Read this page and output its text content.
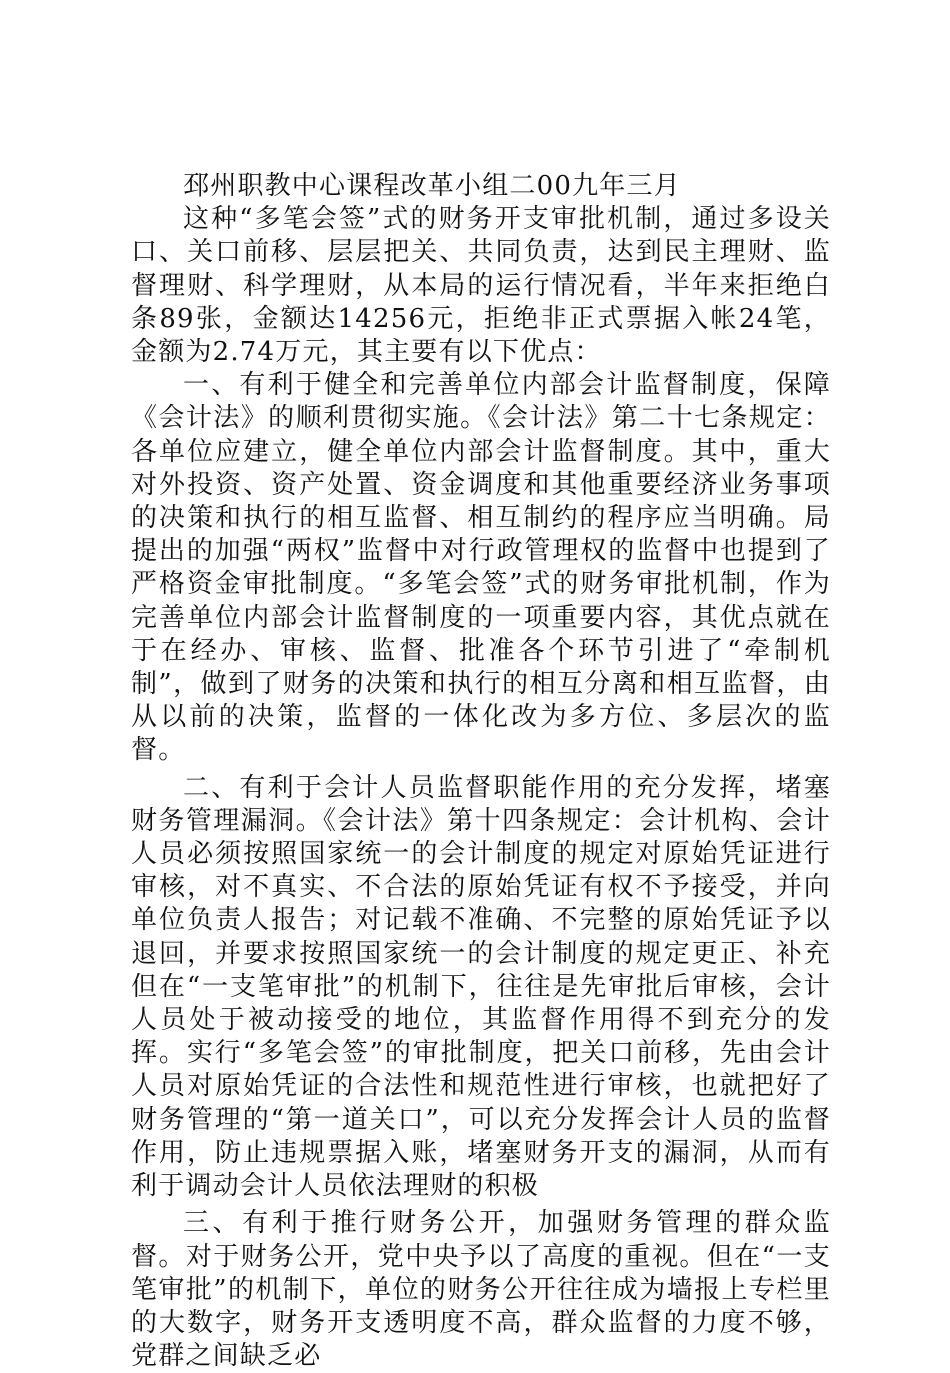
邳州职教中心课程改革小组二00九年三月

这种“多笔会签”式的财务开支审批机制，通过多设关口、关口前移、层层把关、共同负责，达到民主理财、监督理财、科学理财，从本局的运行情况看，半年来拒绝白条89张，金额达14256元，拒绝非正式票据入帐24笔，金额为2.74万元，其主要有以下优点：

一、有利于健全和完善单位内部会计监督制度，保障《会计法》的顺利贯彻实施。《会计法》第二十七条规定：各单位应建立，健全单位内部会计监督制度。其中，重大对外投资、资产处置、资金调度和其他重要经济业务事项的决策和执行的相互监督、相互制约的程序应当明确。局提出的加强“两权”监督中对行政管理权的监督中也提到了严格资金审批制度。“多笔会签”式的财务审批机制，作为完善单位内部会计监督制度的一项重要内容，其优点就在于在经办、审核、监督、批准各个环节引进了“牵制机制”，做到了财务的决策和执行的相互分离和相互监督，由从以前的决策，监督的一体化改为多方位、多层次的监督。

二、有利于会计人员监督职能作用的充分发挥，堵塞财务管理漏洞。《会计法》第十四条规定：会计机构、会计人员必须按照国家统一的会计制度的规定对原始凭证进行审核，对不真实、不合法的原始凭证有权不予接受，并向单位负责人报告；对记载不准确、不完整的原始凭证予以退回，并要求按照国家统一的会计制度的规定更正、补充但在“一支笔审批”的机制下，往往是先审批后审核，会计人员处于被动接受的地位，其监督作用得不到充分的发挥。实行“多笔会签”的审批制度，把关口前移，先由会计人员对原始凭证的合法性和规范性进行审核，也就把好了财务管理的“第一道关口”，可以充分发挥会计人员的监督作用，防止违规票据入账，堵塞财务开支的漏洞，从而有利于调动会计人员依法理财的积极

三、有利于推行财务公开，加强财务管理的群众监督。对于财务公开，党中央予以了高度的重视。但在“一支笔审批”的机制下，单位的财务公开往往成为墙报上专栏里的大数字，财务开支透明度不高，群众监督的力度不够，党群之间缺乏必
